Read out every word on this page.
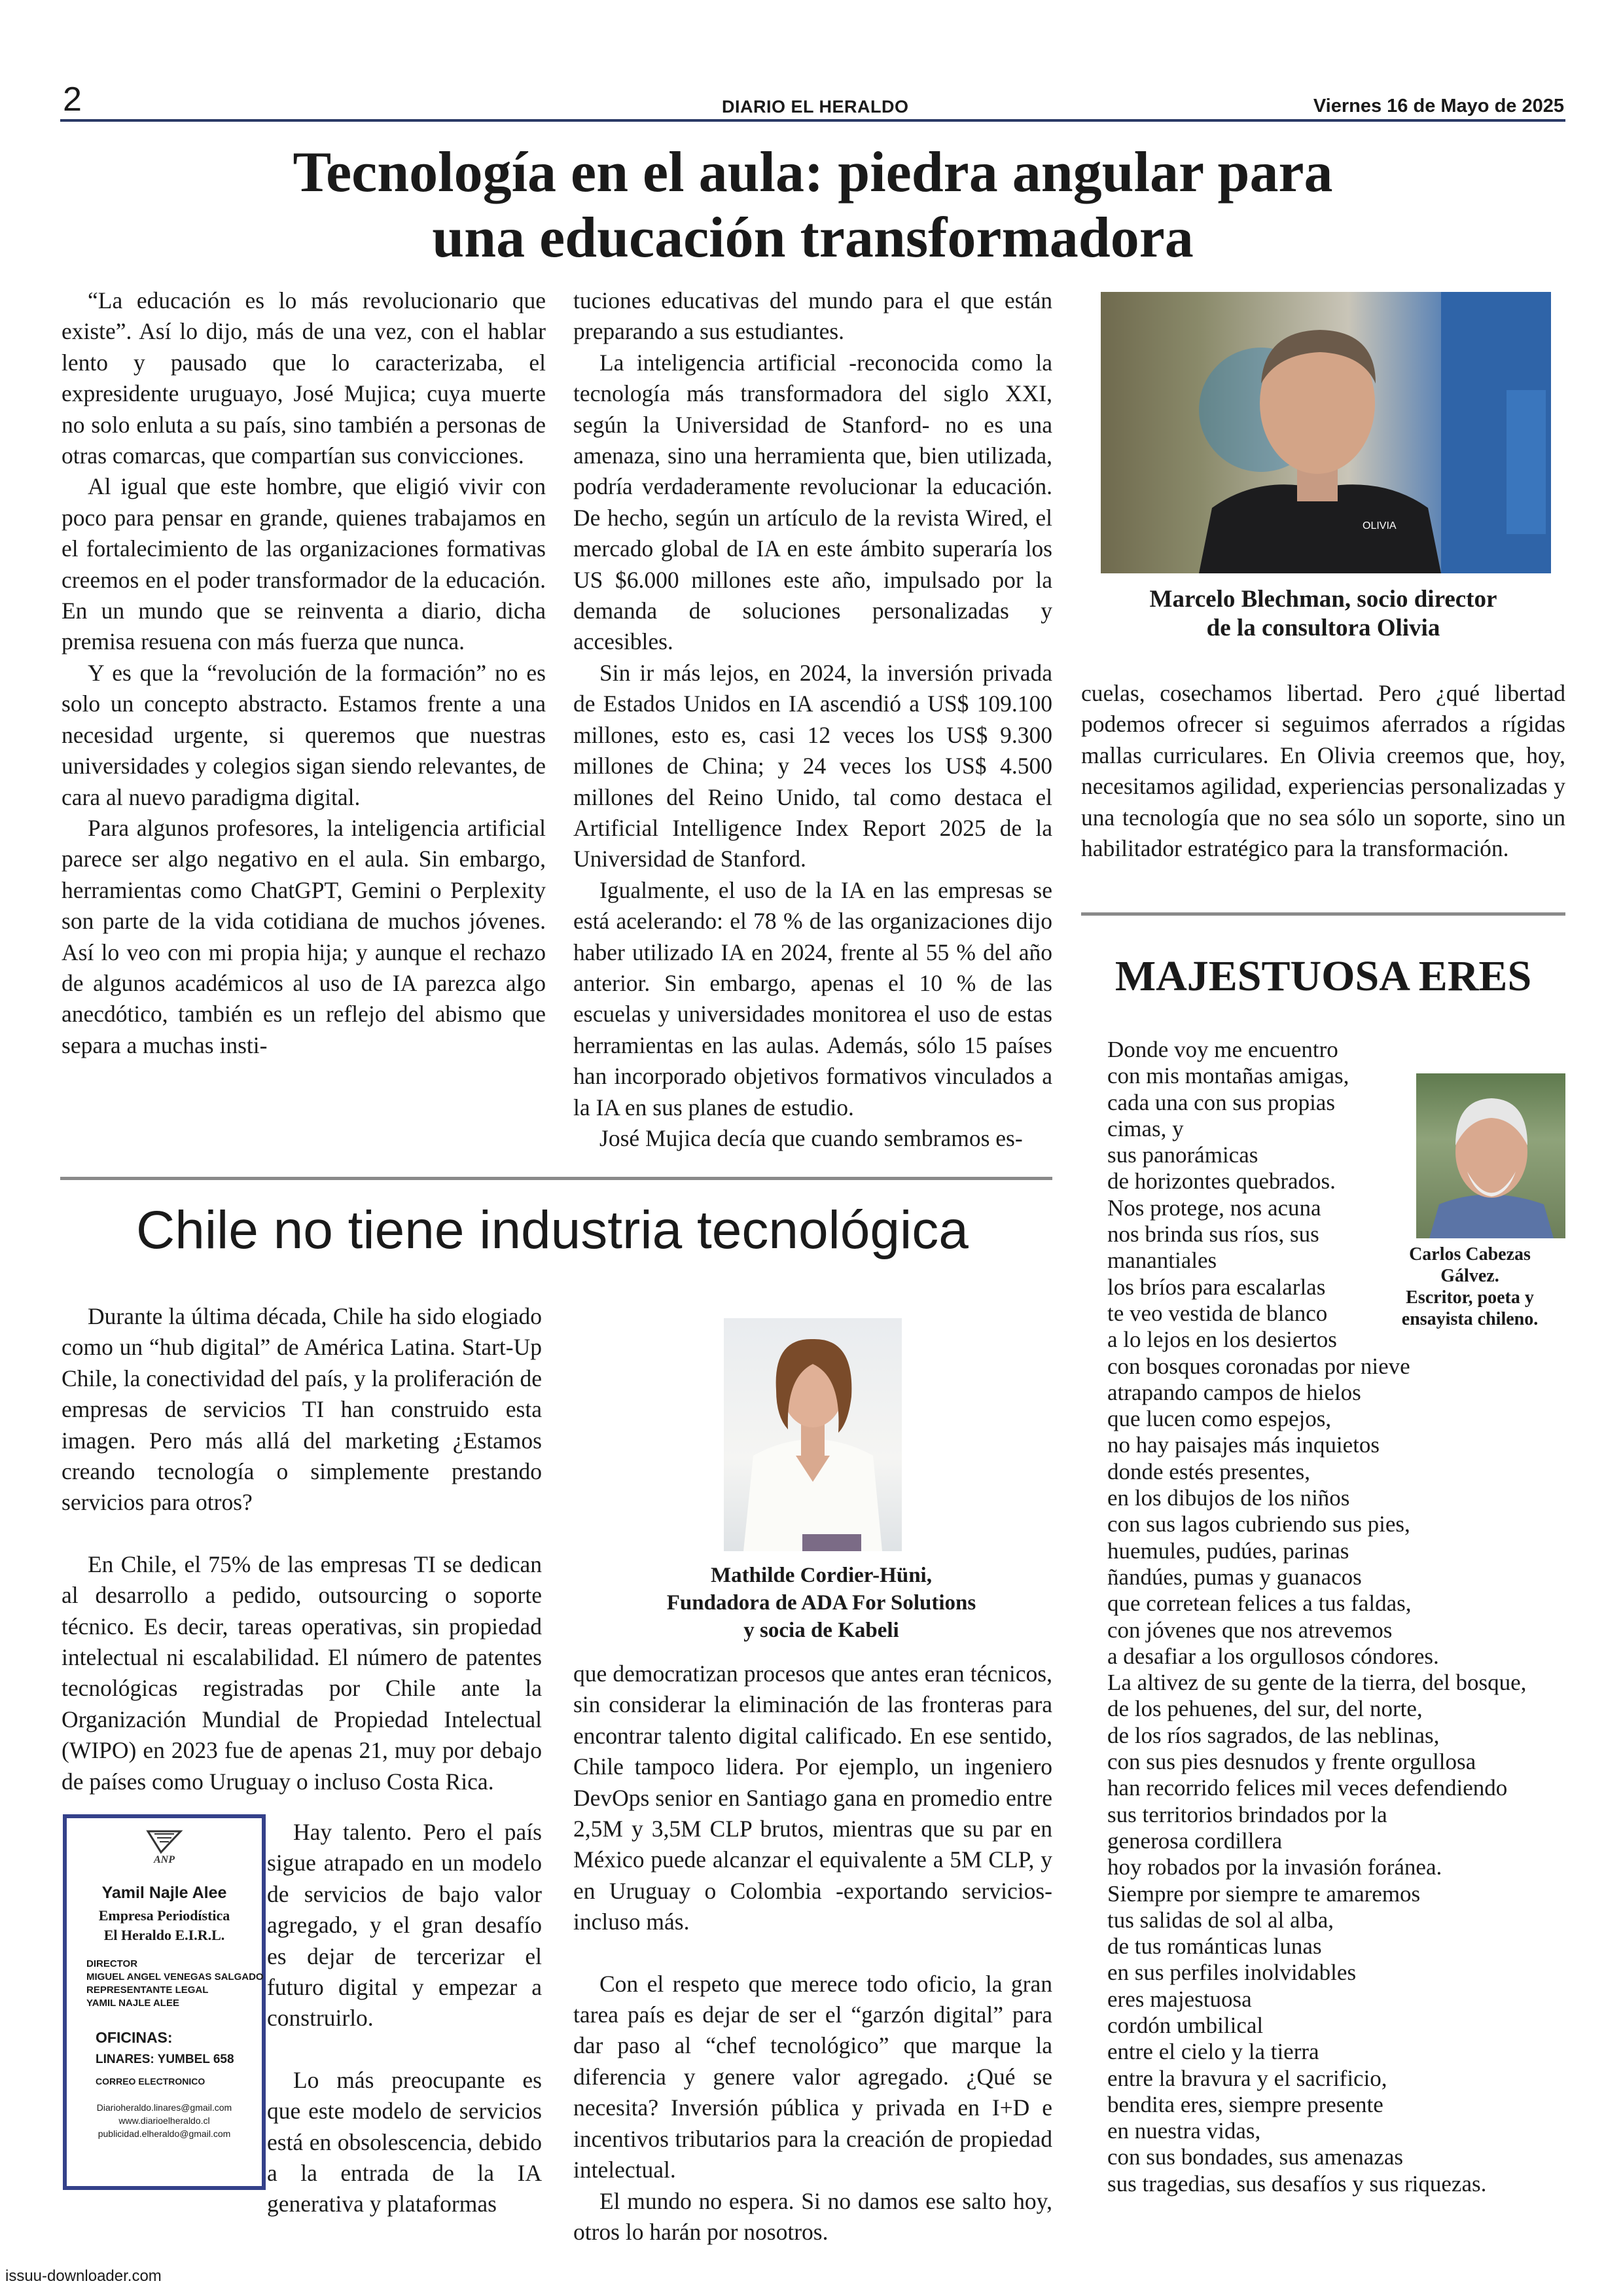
2	DIARIO EL HERALDO	Viernes 16 de Mayo de 2025
Tecnología en el aula: piedra angular para
una educación transformadora

“La educación es lo más revolucionario que existe”. Así lo dijo, más de una vez, con el hablar lento y pausado que lo caracterizaba, el expresidente uruguayo, José Mujica; cuya muerte no solo enluta a su país, sino también a personas de otras comarcas, que compartían sus convicciones.

Al igual que este hombre, que eligió vivir con poco para pensar en grande, quienes trabajamos en el fortalecimiento de las organizaciones formativas creemos en el poder transformador de la educación. En un mundo que se reinventa a diario, dicha premisa resuena con más fuerza que nunca.

Y es que la “revolución de la formación” no es solo un concepto abstracto. Estamos frente a una necesidad urgente, si queremos que nuestras universidades y colegios sigan siendo relevantes, de cara al nuevo paradigma digital.

Para algunos profesores, la inteligencia artificial parece ser algo negativo en el aula. Sin embargo, herramientas como ChatGPT, Gemini o Perplexity son parte de la vida cotidiana de muchos jóvenes. Así lo veo con mi propia hija; y aunque el rechazo de algunos académicos al uso de IA parezca algo anecdótico, también es un reflejo del abismo que separa a muchas insti-

tuciones educativas del mundo para el que están preparando a sus estudiantes.

La inteligencia artificial -reconocida como la tecnología más transformadora del siglo XXI, según la Universidad de Stanford- no es una amenaza, sino una herramienta que, bien utilizada, podría verdaderamente revolucionar la educación. De hecho, según un artículo de la revista Wired, el mercado global de IA en este ámbito superaría los US $6.000 millones este año, impulsado por la demanda de soluciones personalizadas y accesibles.

Sin ir más lejos, en 2024, la inversión privada de Estados Unidos en IA ascendió a US$ 109.100 millones, esto es, casi 12 veces los US$ 9.300 millones de China; y 24 veces los US$ 4.500 millones del Reino Unido, tal como destaca el Artificial Intelligence Index Report 2025 de la Universidad de Stanford.

Igualmente, el uso de la IA en las empresas se está acelerando: el 78 % de las organizaciones dijo haber utilizado IA en 2024, frente al 55 % del año anterior. Sin embargo, apenas el 10 % de las escuelas y universidades monitorea el uso de estas herramientas en las aulas. Además, sólo 15 países han incorporado objetivos formativos vinculados a la IA en sus planes de estudio.

José Mujica decía que cuando sembramos es-

OLIVIA
Marcelo Blechman, socio director
de la consultora Olivia

cuelas, cosechamos libertad. Pero ¿qué libertad podemos ofrecer si seguimos aferrados a rígidas mallas curriculares. En Olivia creemos que, hoy, necesitamos agilidad, experiencias personalizadas y una tecnología que no sea sólo un soporte, sino un habilitador estratégico para la transformación.

MAJESTUOSA ERES
Donde voy me encuentro
con mis montañas amigas,
cada una con sus propias
cimas, y
sus panorámicas
de horizontes quebrados.
Nos protege, nos acuna
nos brinda sus ríos, sus
manantiales
los bríos para escalarlas
te veo vestida de blanco
a lo lejos en los desiertos
con bosques coronadas por nieve
atrapando campos de hielos
que lucen como espejos,
no hay paisajes más inquietos
donde estés presentes,
en los dibujos de los niños
con sus lagos cubriendo sus pies,
huemules, pudúes, parinas
ñandúes, pumas y guanacos
que corretean felices a tus faldas,
con jóvenes que nos atrevemos
a desafiar a los orgullosos cóndores.
La altivez de su gente de la tierra, del bosque,
de los pehuenes, del sur, del norte,
de los ríos sagrados, de las neblinas,
con sus pies desnudos y frente orgullosa
han recorrido felices mil veces defendiendo
sus territorios brindados por la
generosa cordillera
hoy robados por la invasión foránea.
Siempre por siempre te amaremos
tus salidas de sol al alba,
de tus románticas lunas
en sus perfiles inolvidables
eres majestuosa
cordón umbilical
entre el cielo y la tierra
entre la bravura y el sacrificio,
bendita eres, siempre presente
en nuestra vidas,
con sus bondades, sus amenazas
sus tragedias, sus desafíos y sus riquezas.
Carlos Cabezas
Gálvez.
Escritor, poeta y
ensayista chileno.
Chile no tiene industria tecnológica

Durante la última década, Chile ha sido elogiado como un “hub digital” de América Latina. Start-Up Chile, la conectividad del país, y la proliferación de empresas de servicios TI han construido esta imagen. Pero más allá del marketing ¿Estamos creando tecnología o simplemente prestando servicios para otros?

En Chile, el 75% de las empresas TI se dedican al desarrollo a pedido, outsourcing o soporte técnico. Es decir, tareas operativas, sin propiedad intelectual ni escalabilidad. El número de patentes tecnológicas registradas por Chile ante la Organización Mundial de Propiedad Intelectual (WIPO) en 2023 fue de apenas 21, muy por debajo de países como Uruguay o incluso Costa Rica.

Mathilde Cordier-Hüni,
Fundadora de ADA For Solutions
y socia de Kabeli
ANP
Yamil Najle Alee
Empresa Periodística
El Heraldo E.I.R.L.
DIRECTOR
MIGUEL ANGEL VENEGAS SALGADO
REPRESENTANTE LEGAL
YAMIL NAJLE ALEE
OFICINAS:
LINARES: YUMBEL 658
CORREO ELECTRONICO
Diarioheraldo.linares@gmail.com
www.diarioelheraldo.cl
publicidad.elheraldo@gmail.com

Hay talento. Pero el país sigue atrapado en un modelo de servicios de bajo valor agregado, y el gran desafío es dejar de tercerizar el futuro digital y empezar a construirlo.

Lo más preocupante es que este modelo de servicios está en obsolescencia, debido a la entrada de la IA generativa y plataformas

que democratizan procesos que antes eran técnicos, sin considerar la eliminación de las fronteras para encontrar talento digital calificado. En ese sentido, Chile tampoco lidera. Por ejemplo, un ingeniero DevOps senior en Santiago gana en promedio entre 2,5M y 3,5M CLP brutos, mientras que su par en México puede alcanzar el equivalente a 5M CLP, y en Uruguay o Colombia -exportando servicios- incluso más.

Con el respeto que merece todo oficio, la gran tarea país es dejar de ser el “garzón digital” para dar paso al “chef tecnológico” que marque la diferencia y genere valor agregado. ¿Qué se necesita? Inversión pública y privada en I+D e incentivos tributarios para la creación de propiedad intelectual.

El mundo no espera. Si no damos ese salto hoy, otros lo harán por nosotros.

issuu-downloader.com
